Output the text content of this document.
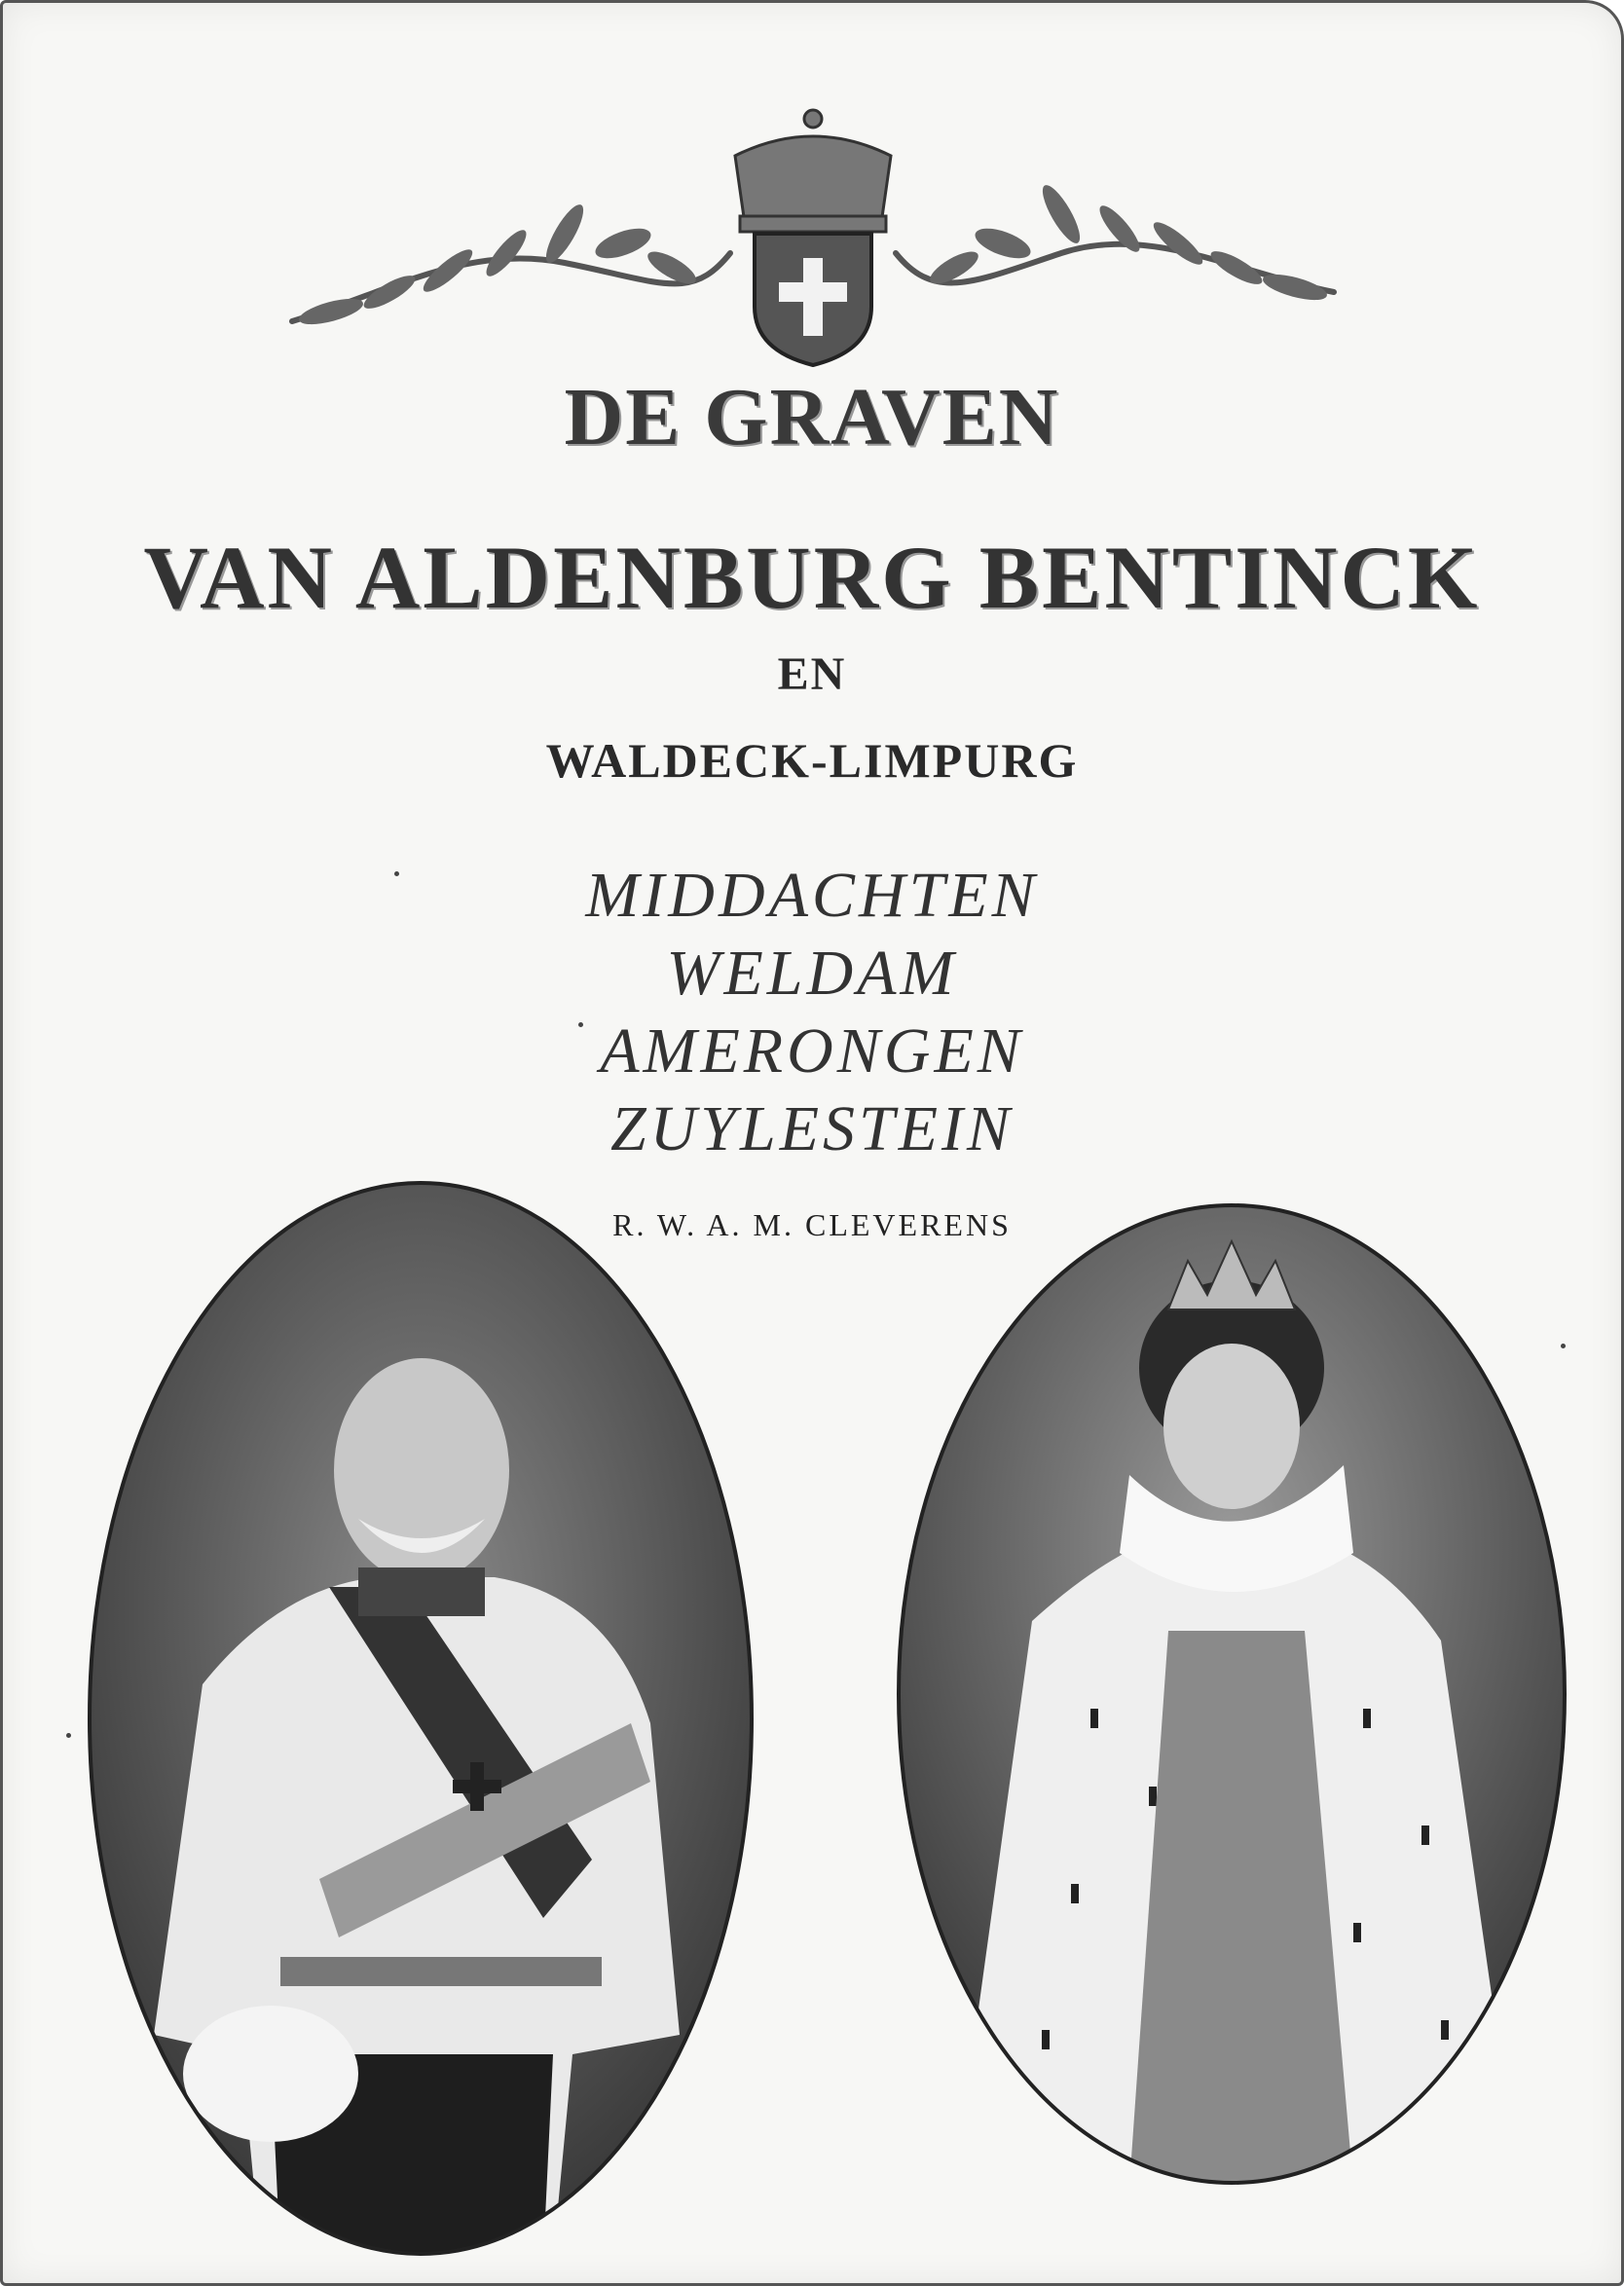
DE GRAVEN
VAN ALDENBURG BENTINCK
EN
WALDECK-LIMPURG
MIDDACHTEN
WELDAM
AMERONGEN
ZUYLESTEIN
R. W. A. M. CLEVERENS
